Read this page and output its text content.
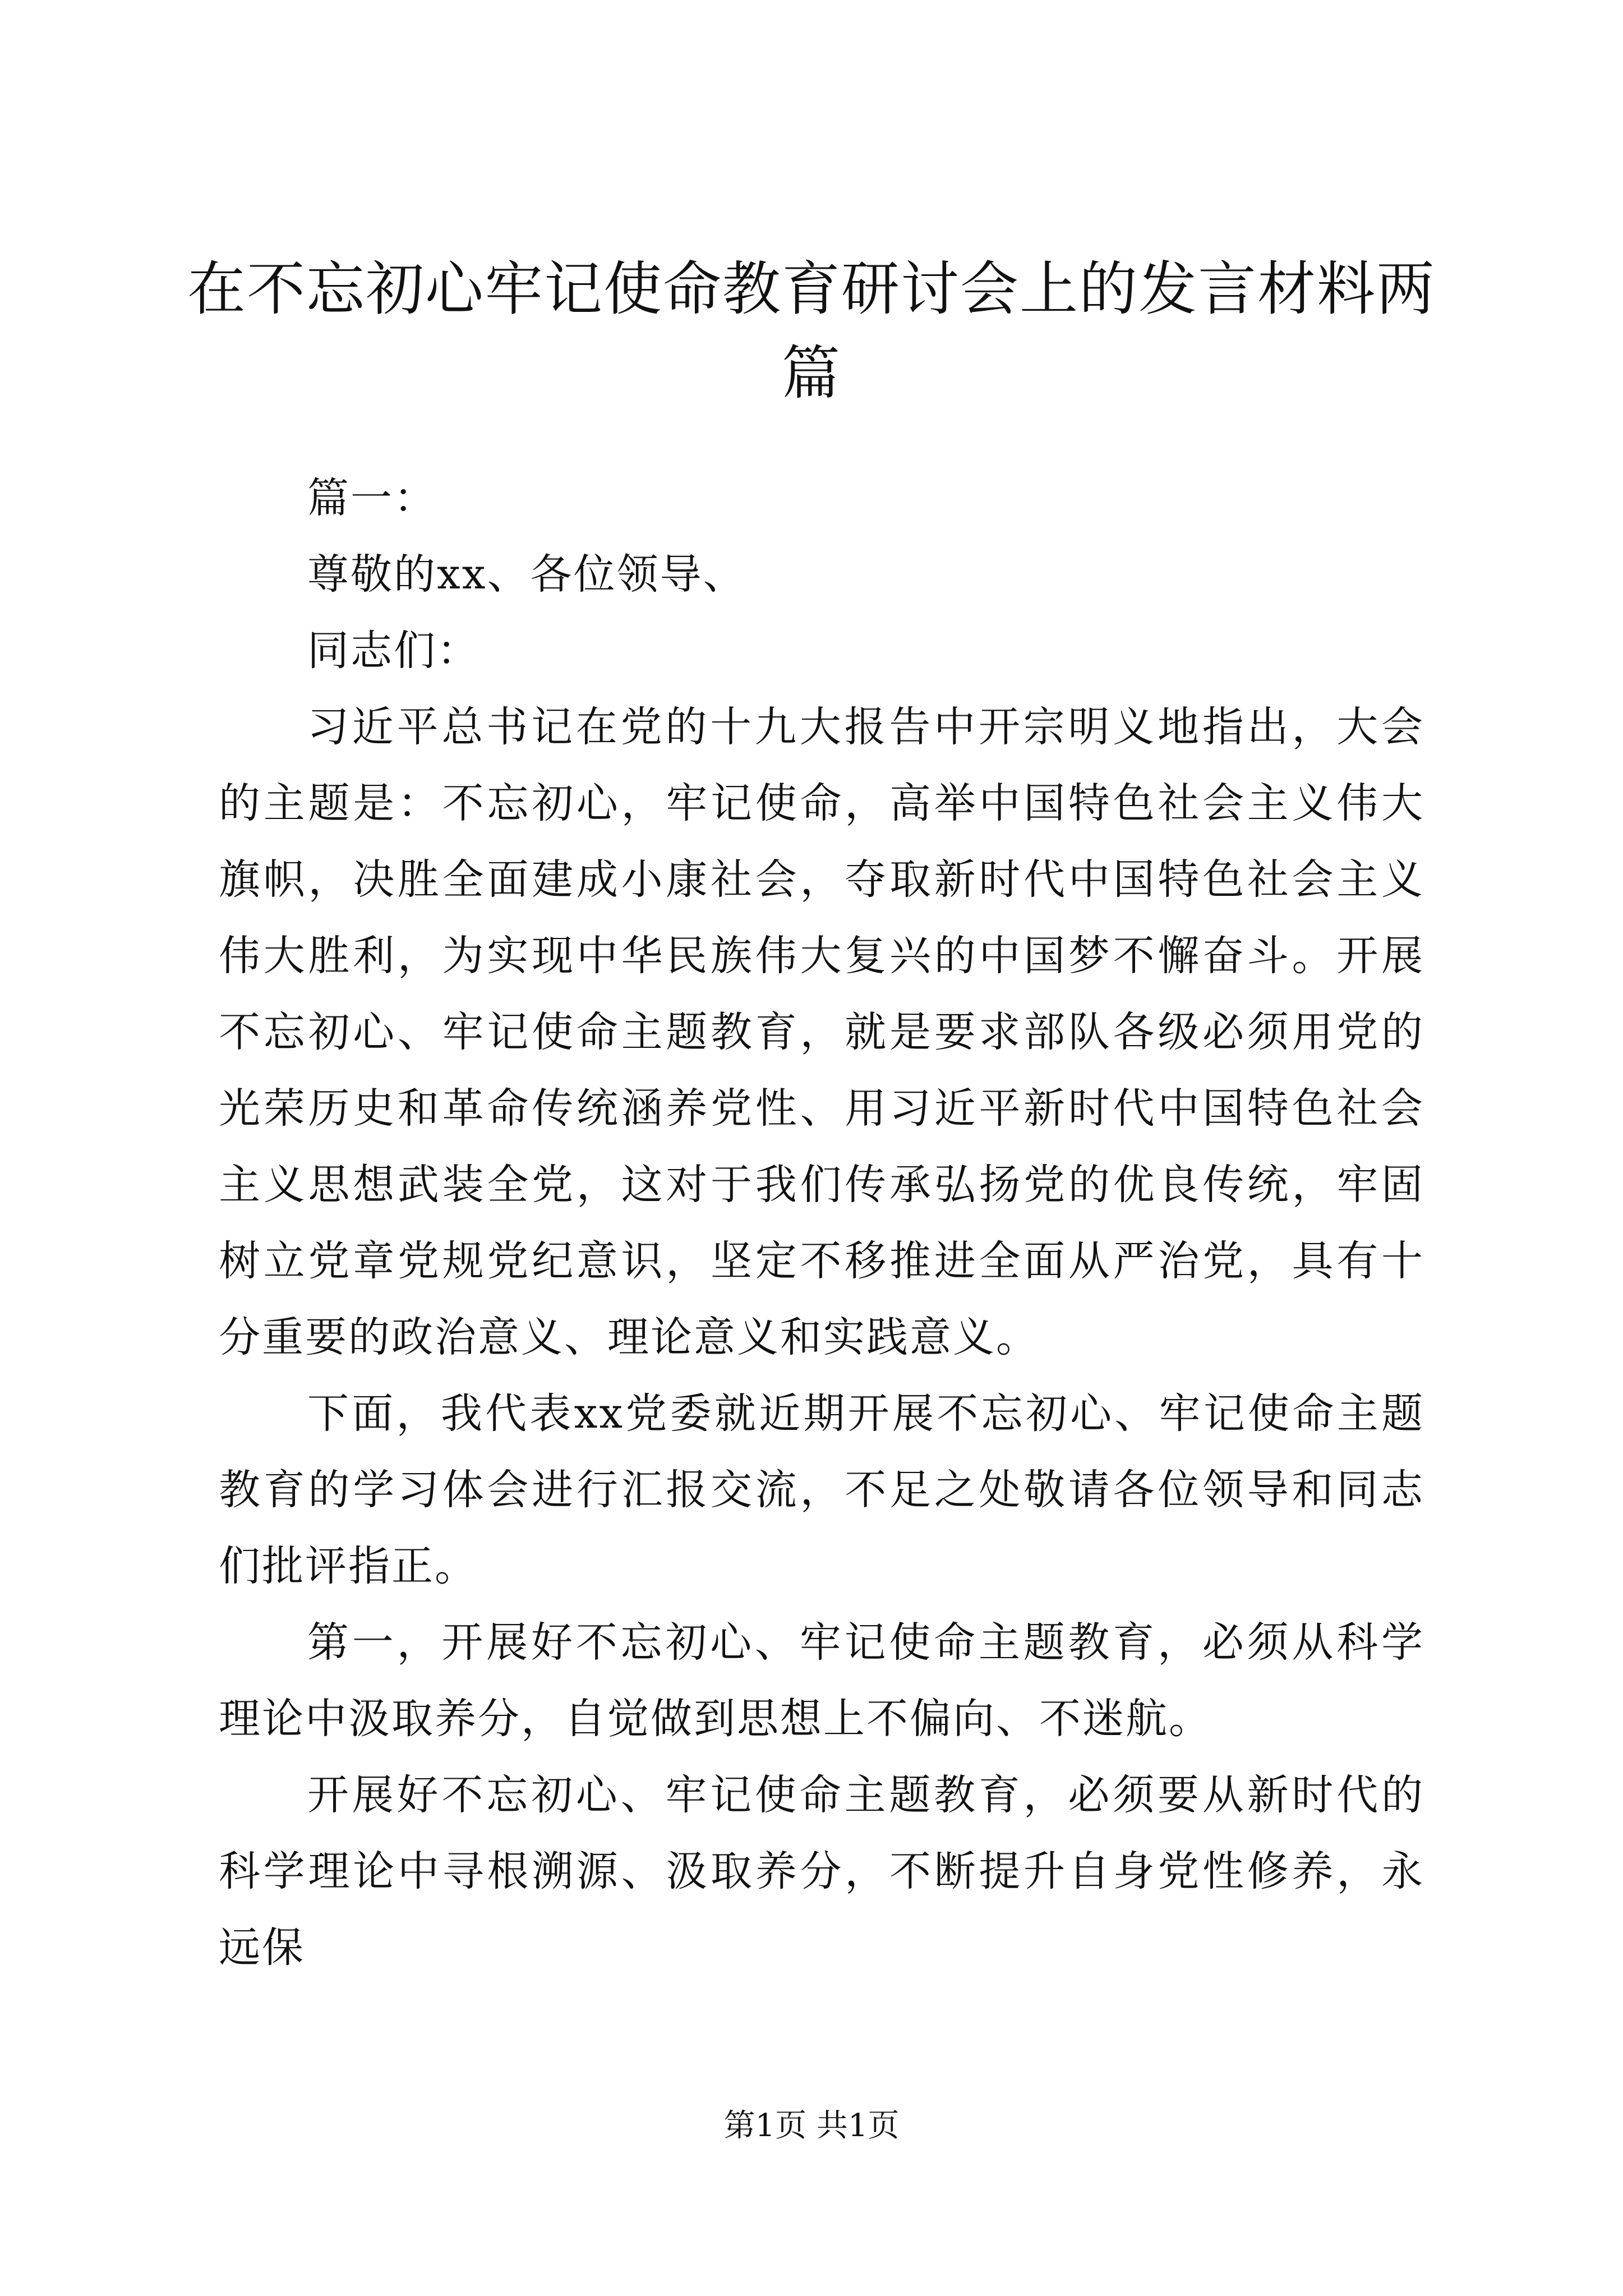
在不忘初心牢记使命教育研讨会上的发言材料两篇

篇一：

尊敬的xx、各位领导、

同志们：

习近平总书记在党的十九大报告中开宗明义地指出，大会的主题是：不忘初心，牢记使命，高举中国特色社会主义伟大旗帜，决胜全面建成小康社会，夺取新时代中国特色社会主义伟大胜利，为实现中华民族伟大复兴的中国梦不懈奋斗。开展不忘初心、牢记使命主题教育，就是要求部队各级必须用党的光荣历史和革命传统涵养党性、用习近平新时代中国特色社会主义思想武装全党，这对于我们传承弘扬党的优良传统，牢固树立党章党规党纪意识，坚定不移推进全面从严治党，具有十分重要的政治意义、理论意义和实践意义。

下面，我代表xx党委就近期开展不忘初心、牢记使命主题教育的学习体会进行汇报交流，不足之处敬请各位领导和同志们批评指正。

第一，开展好不忘初心、牢记使命主题教育，必须从科学理论中汲取养分，自觉做到思想上不偏向、不迷航。

开展好不忘初心、牢记使命主题教育，必须要从新时代的科学理论中寻根溯源、汲取养分，不断提升自身党性修养，永远保

第1页 共1页
